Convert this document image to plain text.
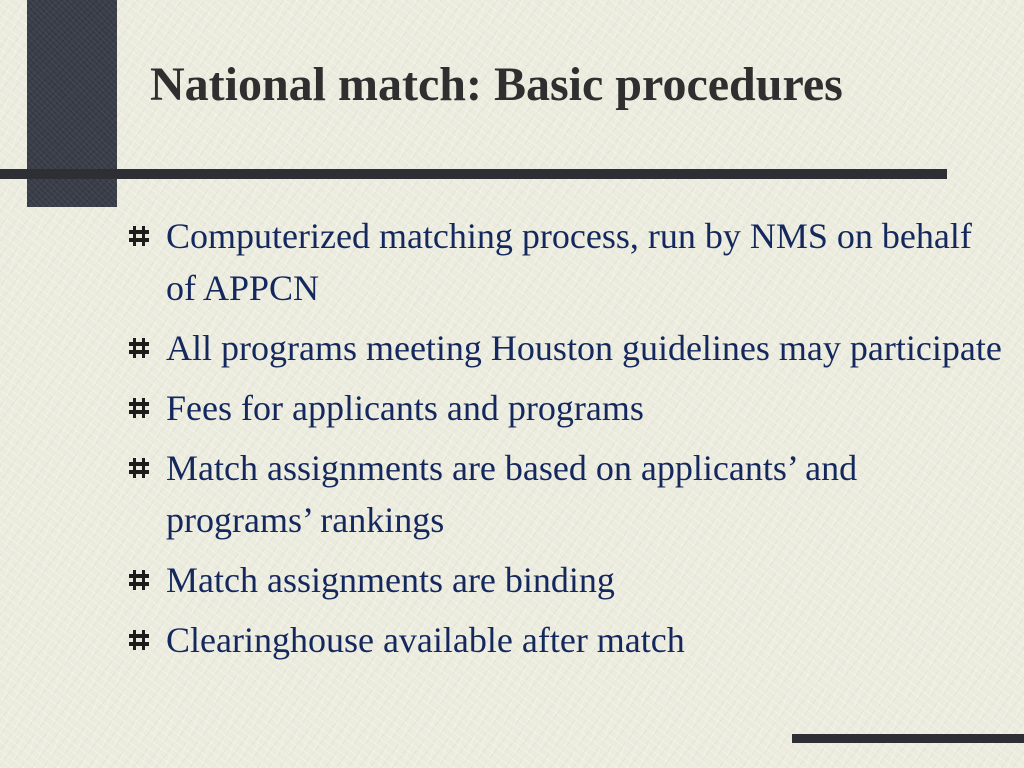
National match: Basic procedures
Computerized matching process, run by NMS on behalf of APPCN
All programs meeting Houston guidelines may participate
Fees for applicants and programs
Match assignments are based on applicants’ and programs’ rankings
Match assignments are binding
Clearinghouse available after match
